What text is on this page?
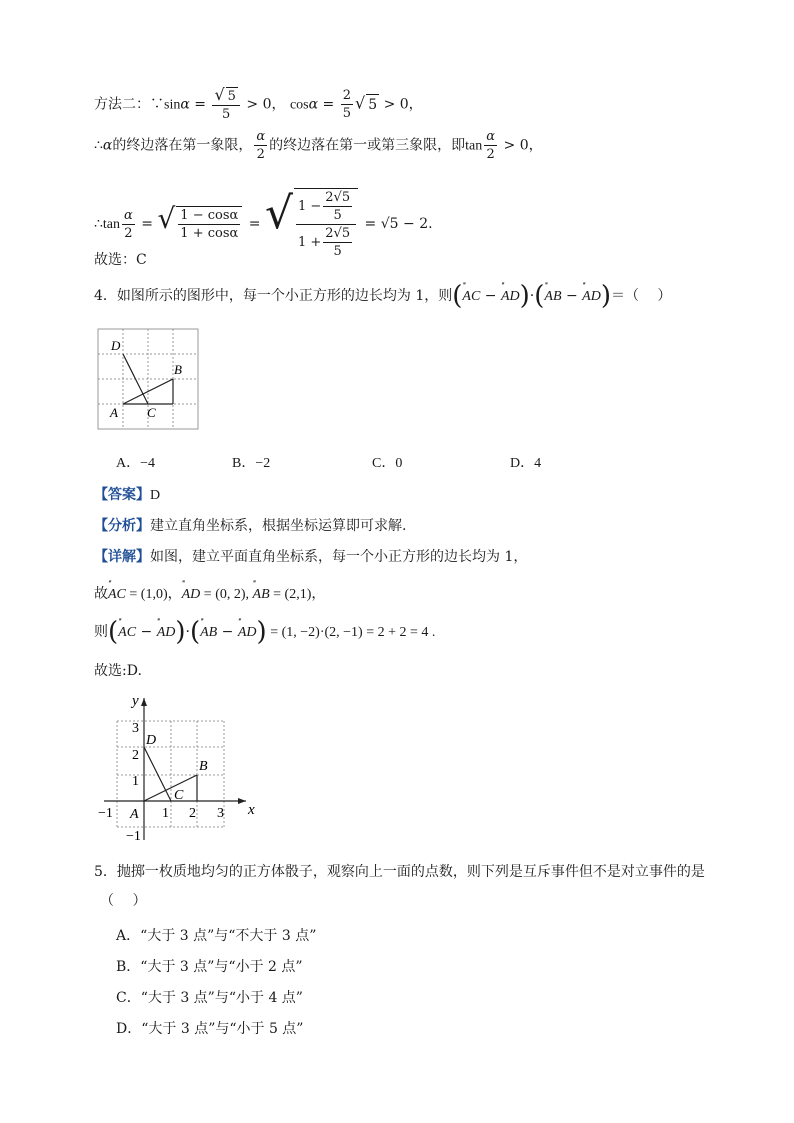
方法二：∵sinα = $\frac{√ 5}{5} > 0$， $\cos\alpha = \frac{2}{5}$ √ 5 > 0，
∴α的终边落在第一象限， $\frac{\alpha}{2}$ 的终边落在第一或第三象限，即$\tan \frac{\alpha}{2} > 0$，
∴tan $\frac{\alpha}{2}$ = √ $\frac{1 - \cos\alpha}{1 + \cos\alpha}$ = √ $\frac{1 - \frac{2√5}{5}}{1 + \frac{2√5}{5}} = √5 - 2$.
故选：C
4．如图所示的图形中，每一个小正方形的边长均为 1，则(′′′ AC − ′′′ AD)·(′′′ AB − ′′′ AD)＝（　 ）
D
B
A C
A．−4	B．−2	C．0	D．4
【答案】D
【分析】建立直角坐标系，根据坐标运算即可求解.
【详解】如图，建立平面直角坐标系，每一个小正方形的边长均为 1，
故′′′ AC = (1,0)，′′′ AD = (0, 2), ′′′ AB = (2,1)，
则(′′′ AC − ′′′ AD)·(′′′ AB − ′′′ AD) = (1, −2)·(2, −1) = 2 + 2 = 4 .
故选:D.
x
y
−1	1 2 3
3
2
1
−1
D
B
A
C
5．抛掷一枚质地均匀的正方体骰子，观察向上一面的点数，则下列是互斥事件但不是对立事件的是
（　 ）
A．“大于 3 点”与“不大于 3 点”
B．“大于 3 点”与“小于 2 点”
C．“大于 3 点”与“小于 4 点”
D．“大于 3 点”与“小于 5 点”
